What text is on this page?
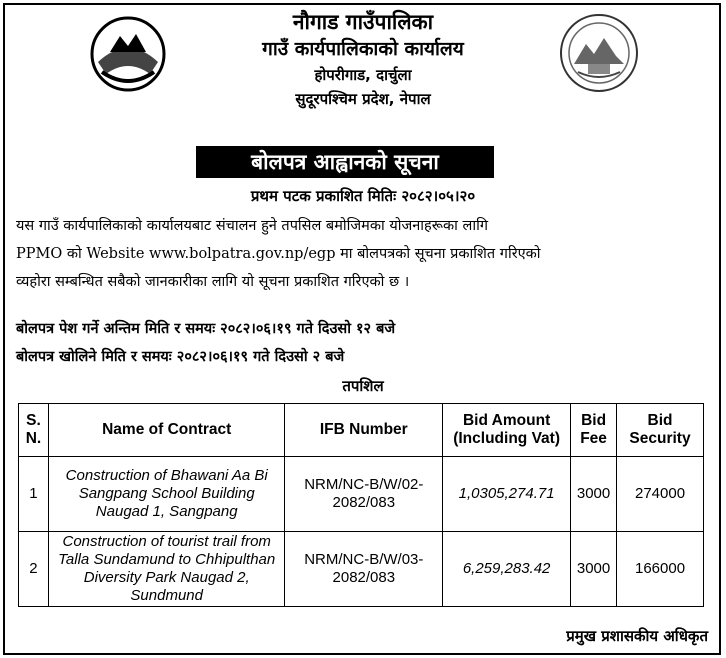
नौगाड गाउँपालिका
गाउँ कार्यपालिकाको कार्यालय
होपरीगाड, दार्चुला
सुदूरपश्चिम प्रदेश, नेपाल
बोलपत्र आह्वानको सूचना
प्रथम पटक प्रकाशित मितिः २०८२।०५।२०
यस गाउँ कार्यपालिकाको कार्यालयबाट संचालन हुने तपसिल बमोजिमका योजनाहरूका लागि
PPMO को Website www.bolpatra.gov.np/egp मा बोलपत्रको सूचना प्रकाशित गरिएको
व्यहोरा सम्बन्धित सबैको जानकारीका लागि यो सूचना प्रकाशित गरिएको छ ।
बोलपत्र पेश गर्ने अन्तिम मिति र समयः २०८२।०६।१९ गते दिउसो १२ बजे
बोलपत्र खोलिने मिति र समयः २०८२।०६।१९ गते दिउसो २ बजे
तपशिल
S. N.	Name of Contract	IFB Number	Bid Amount (Including Vat)	Bid Fee	Bid Security
1	Construction of Bhawani Aa Bi Sangpang School Building Naugad 1, Sangpang	NRM/NC-B/W/02-2082/083	1,0305,274.71	3000	274000
2	Construction of tourist trail from Talla Sundamund to Chhipulthan Diversity Park Naugad 2, Sundmund	NRM/NC-B/W/03-2082/083	6,259,283.42	3000	166000
प्रमुख प्रशासकीय अधिकृत
